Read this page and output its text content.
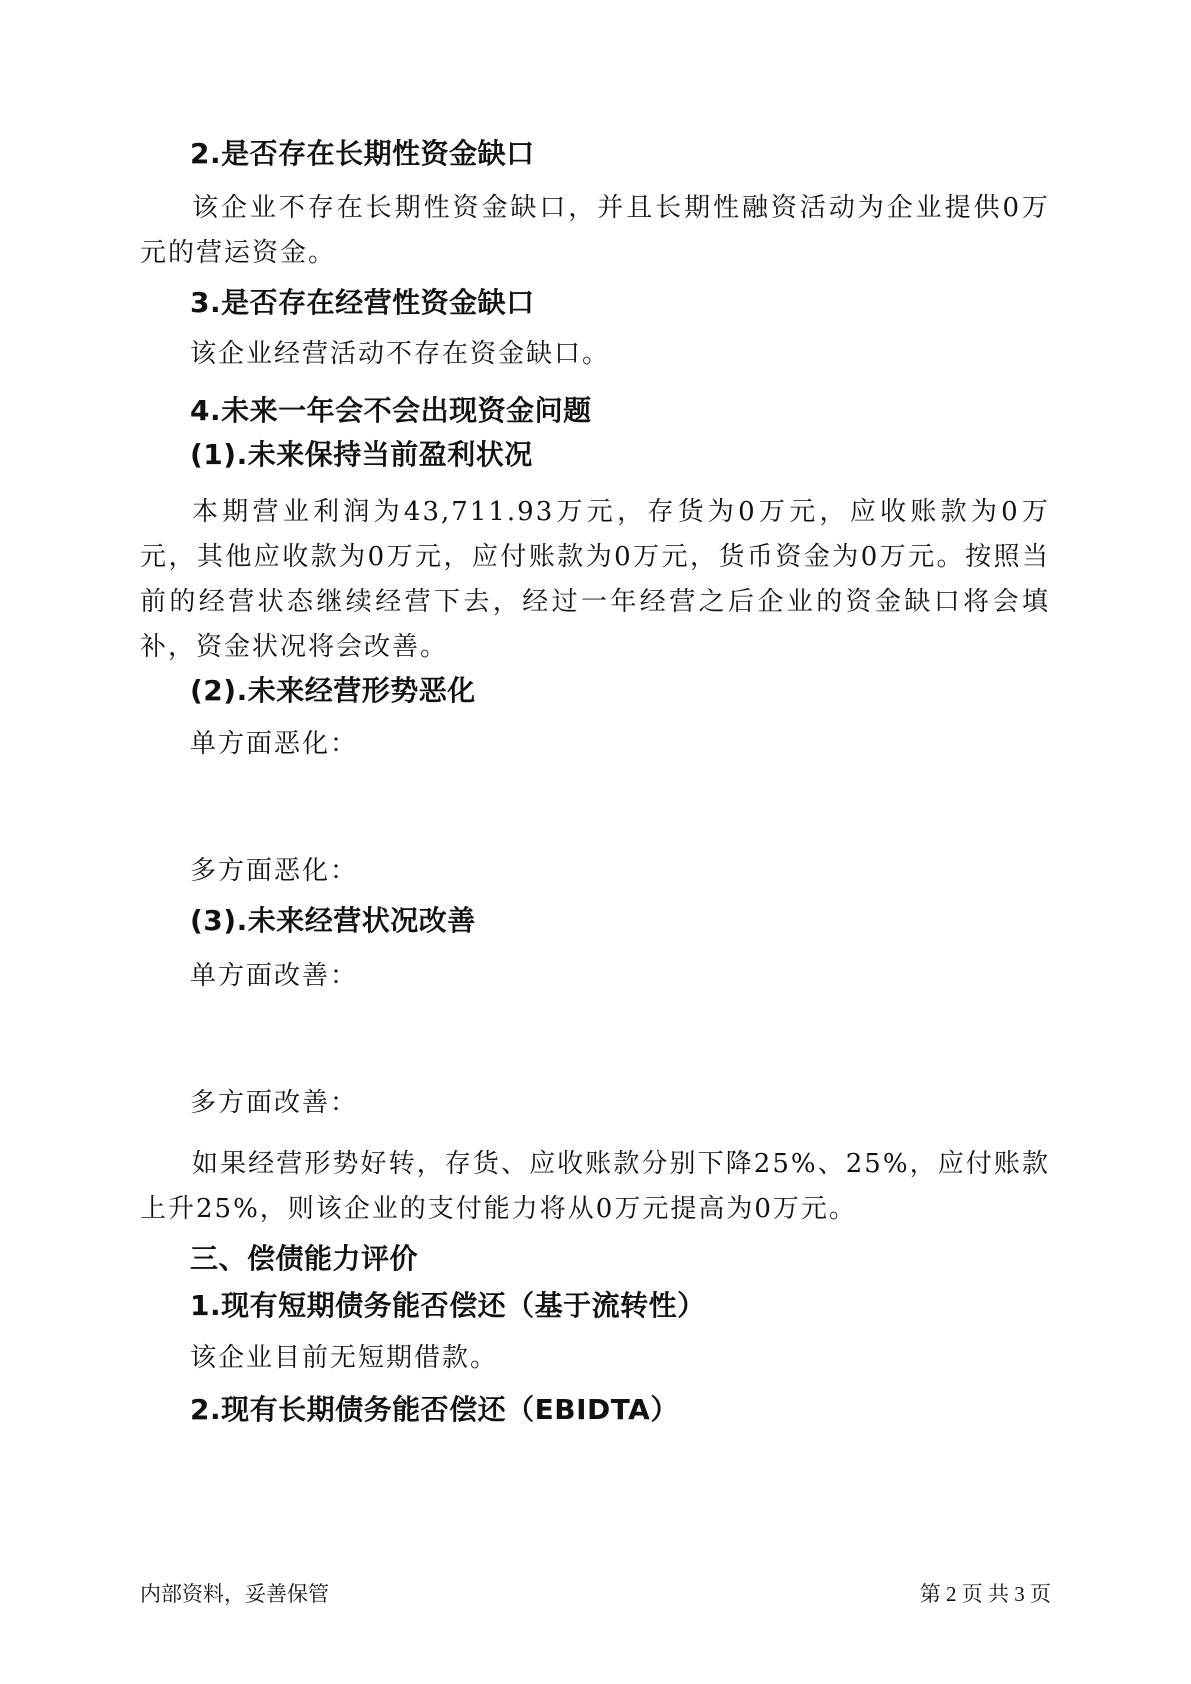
2.是否存在长期性资金缺口
该企业不存在长期性资金缺口，并且长期性融资活动为企业提供0万元的营运资金。
3.是否存在经营性资金缺口
该企业经营活动不存在资金缺口。
4.未来一年会不会出现资金问题
(1).未来保持当前盈利状况
本期营业利润为43,711.93万元，存货为0万元，应收账款为0万元，其他应收款为0万元，应付账款为0万元，货币资金为0万元。按照当前的经营状态继续经营下去，经过一年经营之后企业的资金缺口将会填补，资金状况将会改善。
(2).未来经营形势恶化
单方面恶化：
多方面恶化：
(3).未来经营状况改善
单方面改善：
多方面改善：
如果经营形势好转，存货、应收账款分别下降25%、25%，应付账款上升25%，则该企业的支付能力将从0万元提高为0万元。
三、偿债能力评价
1.现有短期债务能否偿还（基于流转性）
该企业目前无短期借款。
2.现有长期债务能否偿还（EBIDTA）
内部资料，妥善保管	第 2 页 共 3 页
